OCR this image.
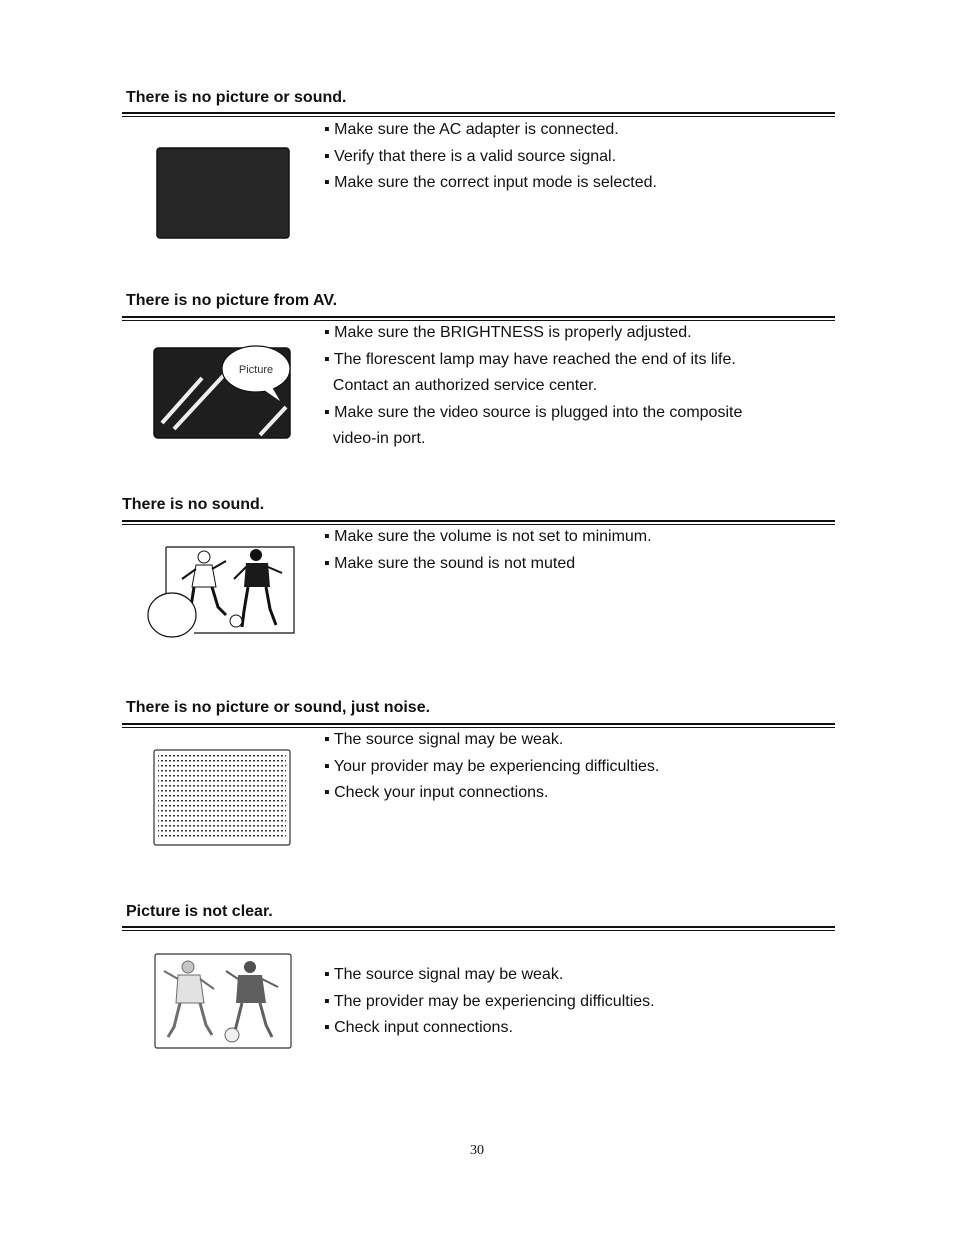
There is no picture or sound.

▪ Make sure the AC adapter is connected.
▪ Verify that there is a valid source signal.
▪ Make sure the correct input mode is selected.

There is no picture from AV.

Picture
▪ Make sure the BRIGHTNESS is properly adjusted.
▪ The florescent lamp may have reached the end of its life.
Contact an authorized service center.
▪ Make sure the video source is plugged into the composite
video-in port.

There is no sound.

▪ Make sure the volume is not set to minimum.
▪ Make sure the sound is not muted

There is no picture or sound, just noise.

▪ The source signal may be weak.
▪ Your provider may be experiencing difficulties.
▪ Check your input connections.

Picture is not clear.

▪ The source signal may be weak.
▪ The provider may be experiencing difficulties.
▪ Check input connections.
30
